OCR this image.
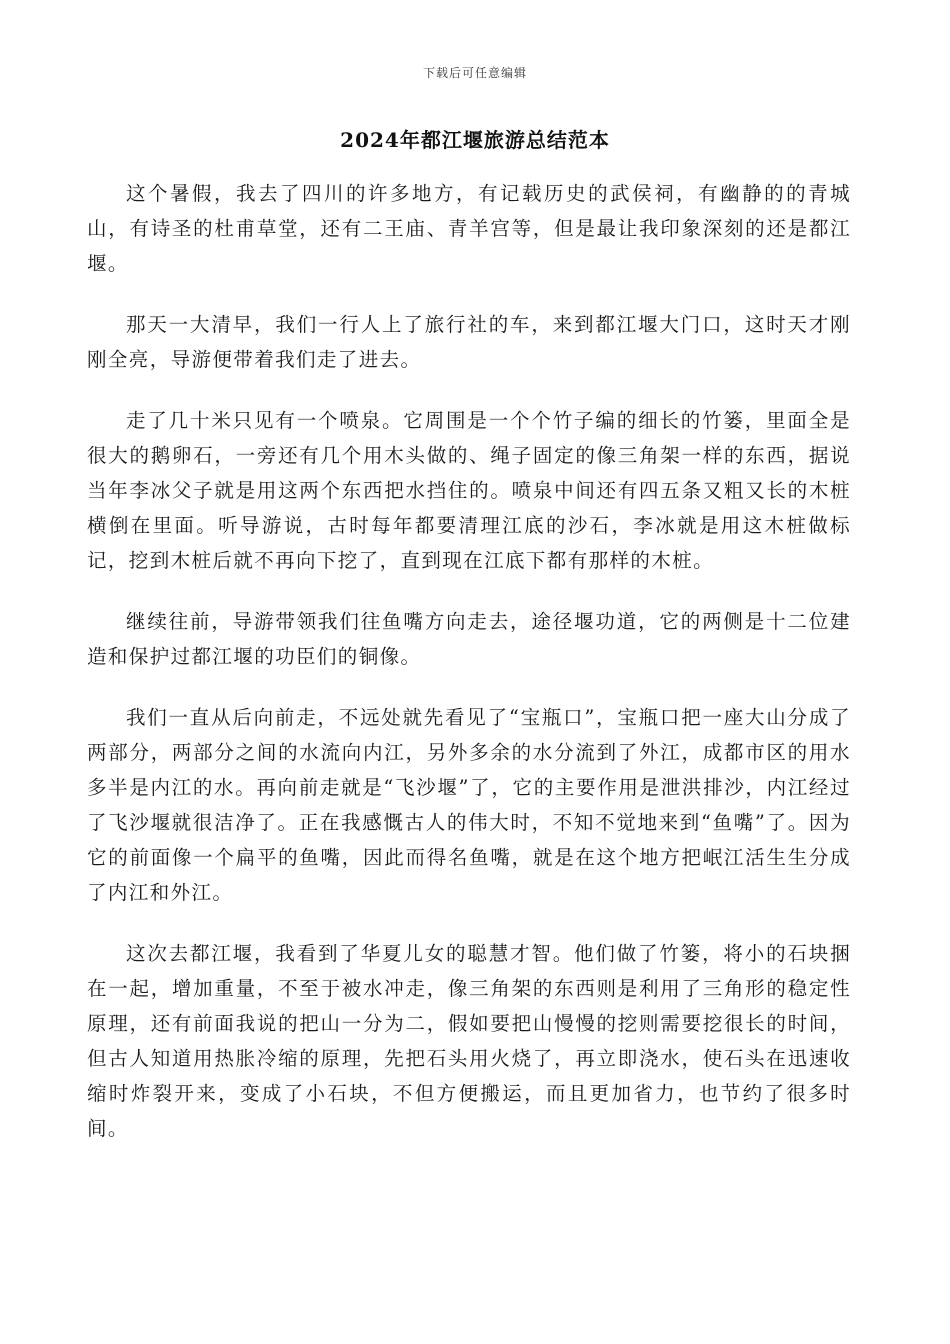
下载后可任意编辑
2024年都江堰旅游总结范本

这个暑假，我去了四川的许多地方，有记载历史的武侯祠，有幽静的的青城山，有诗圣的杜甫草堂，还有二王庙、青羊宫等，但是最让我印象深刻的还是都江堰。

那天一大清早，我们一行人上了旅行社的车，来到都江堰大门口，这时天才刚刚全亮，导游便带着我们走了进去。

走了几十米只见有一个喷泉。它周围是一个个竹子编的细长的竹篓，里面全是很大的鹅卵石，一旁还有几个用木头做的、绳子固定的像三角架一样的东西，据说当年李冰父子就是用这两个东西把水挡住的。喷泉中间还有四五条又粗又长的木桩横倒在里面。听导游说，古时每年都要清理江底的沙石，李冰就是用这木桩做标记，挖到木桩后就不再向下挖了，直到现在江底下都有那样的木桩。

继续往前，导游带领我们往鱼嘴方向走去，途径堰功道，它的两侧是十二位建造和保护过都江堰的功臣们的铜像。

我们一直从后向前走，不远处就先看见了“宝瓶口”，宝瓶口把一座大山分成了两部分，两部分之间的水流向内江，另外多余的水分流到了外江，成都市区的用水多半是内江的水。再向前走就是“飞沙堰”了，它的主要作用是泄洪排沙，内江经过了飞沙堰就很洁净了。正在我感慨古人的伟大时，不知不觉地来到“鱼嘴”了。因为它的前面像一个扁平的鱼嘴，因此而得名鱼嘴，就是在这个地方把岷江活生生分成了内江和外江。

这次去都江堰，我看到了华夏儿女的聪慧才智。他们做了竹篓，将小的石块捆在一起，增加重量，不至于被水冲走，像三角架的东西则是利用了三角形的稳定性原理，还有前面我说的把山一分为二，假如要把山慢慢的挖则需要挖很长的时间，但古人知道用热胀冷缩的原理，先把石头用火烧了，再立即浇水，使石头在迅速收缩时炸裂开来，变成了小石块，不但方便搬运，而且更加省力，也节约了很多时间。
